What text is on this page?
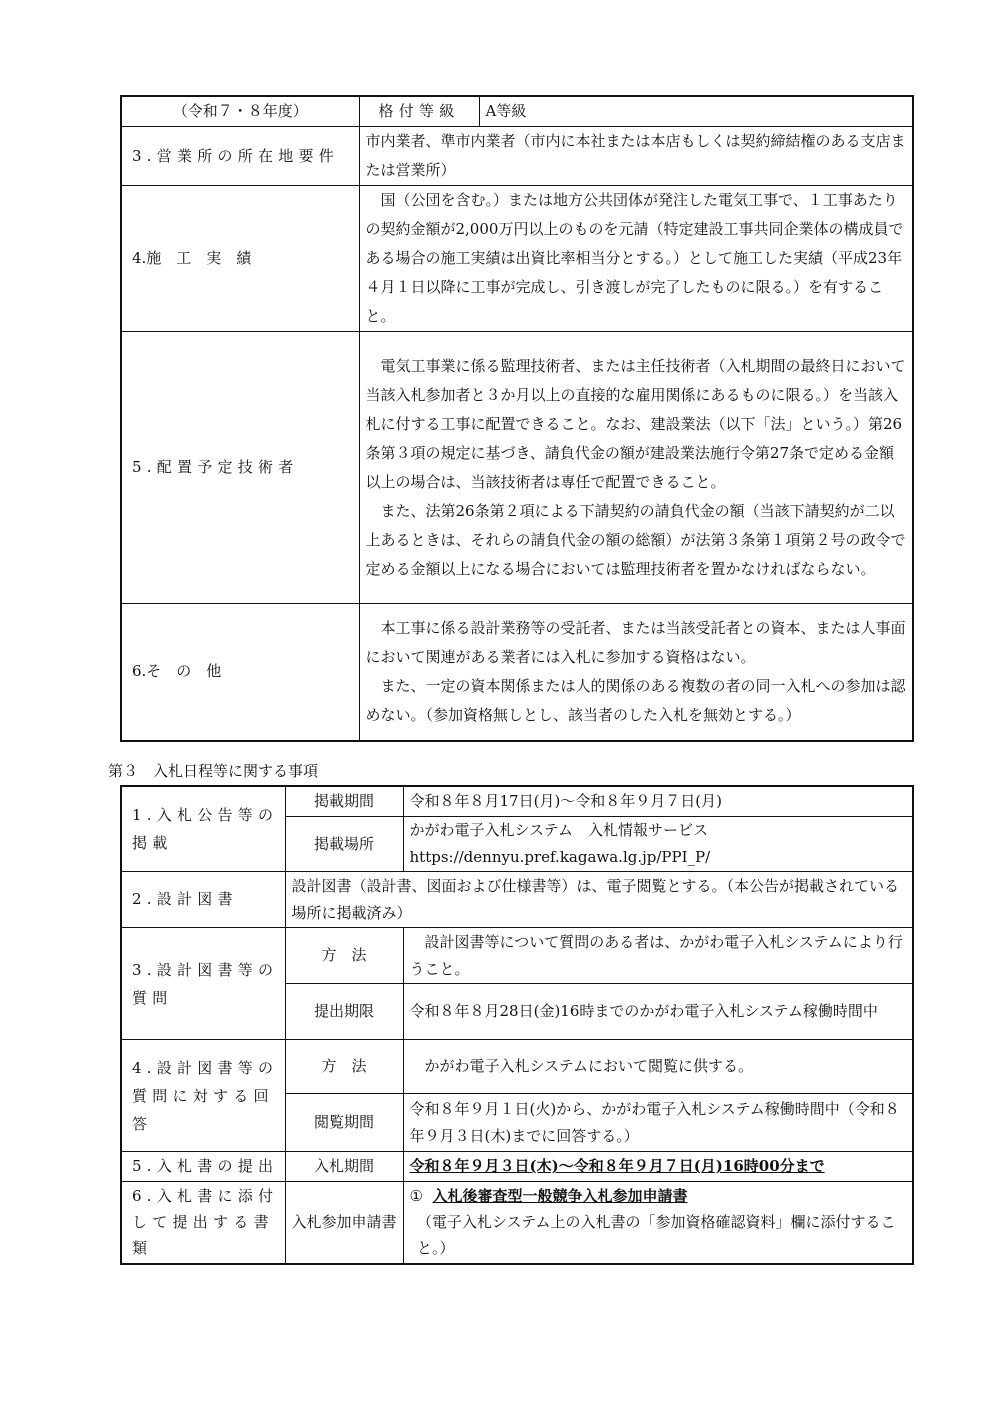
（令和７・８年度）	格付等級	A等級
3.営業所の所在地要件	市内業者、準市内業者（市内に本社または本店もしくは契約締結権のある支店または営業所）	

4.施　工　実　績	国（公団を含む。）または地方公共団体が発注した電気工事で、１工事あたりの契約金額が2,000万円以上のものを元請（特定建設工事共同企業体の構成員である場合の施工実績は出資比率相当分とする。）として施工した実績（平成23年４月１日以降に工事が完成し、引き渡しが完了したものに限る。）を有すること。	

5.配置予定技術者	電気工事業に係る監理技術者、または主任技術者（入札期間の最終日において当該入札参加者と３か月以上の直接的な雇用関係にあるものに限る。）を当該入札に付する工事に配置できること。なお、建設業法（以下「法」という。）第26条第３項の規定に基づき、請負代金の額が建設業法施行令第27条で定める金額以上の場合は、当該技術者は専任で配置できること。

また、法第26条第２項による下請契約の請負代金の額（当該下請契約が二以上あるときは、それらの請負代金の額の総額）が法第３条第１項第２号の政令で定める金額以上になる場合においては監理技術者を置かなければならない。	

6.そ　の　他	本工事に係る設計業務等の受託者、または当該受託者との資本、または人事面において関連がある業者には入札に参加する資格はない。

また、一定の資本関係または人的関係のある複数の者の同一入札への参加は認めない。（参加資格無しとし、該当者のした入札を無効とする。）	

第３　入札日程等に関する事項

1.入札公告等の掲載	掲載期間	令和８年８月17日(月)～令和８年９月７日(月)
	掲載場所	かがわ電子入札システム　入札情報サービス
https://dennyu.pref.kagawa.lg.jp/PPI_P/

2.設計図書	設計図書（設計書、図面および仕様書等）は、電子閲覧とする。（本公告が掲載されている場所に掲載済み）	
3.設計図書等の質問	方　法	設計図書等について質問のある者は、かがわ電子入札システムにより行うこと。
	提出期限	令和８年８月28日(金)16時までのかがわ電子入札システム稼働時間中
4.設計図書等の質問に対する回答	方　法	かがわ電子入札システムにおいて閲覧に供する。
	閲覧期間	令和８年９月１日(火)から、かがわ電子入札システム稼働時間中（令和８年９月３日(木)までに回答する。）
5.入札書の提出	入札期間	令和８年９月３日(木)～令和８年９月７日(月)16時00分まで
6.入札書に添付して提出する書類	入札参加申請書	① 入札後審査型一般競争入札参加申請書
（電子入札システム上の入札書の「参加資格確認資料」欄に添付すること。）
